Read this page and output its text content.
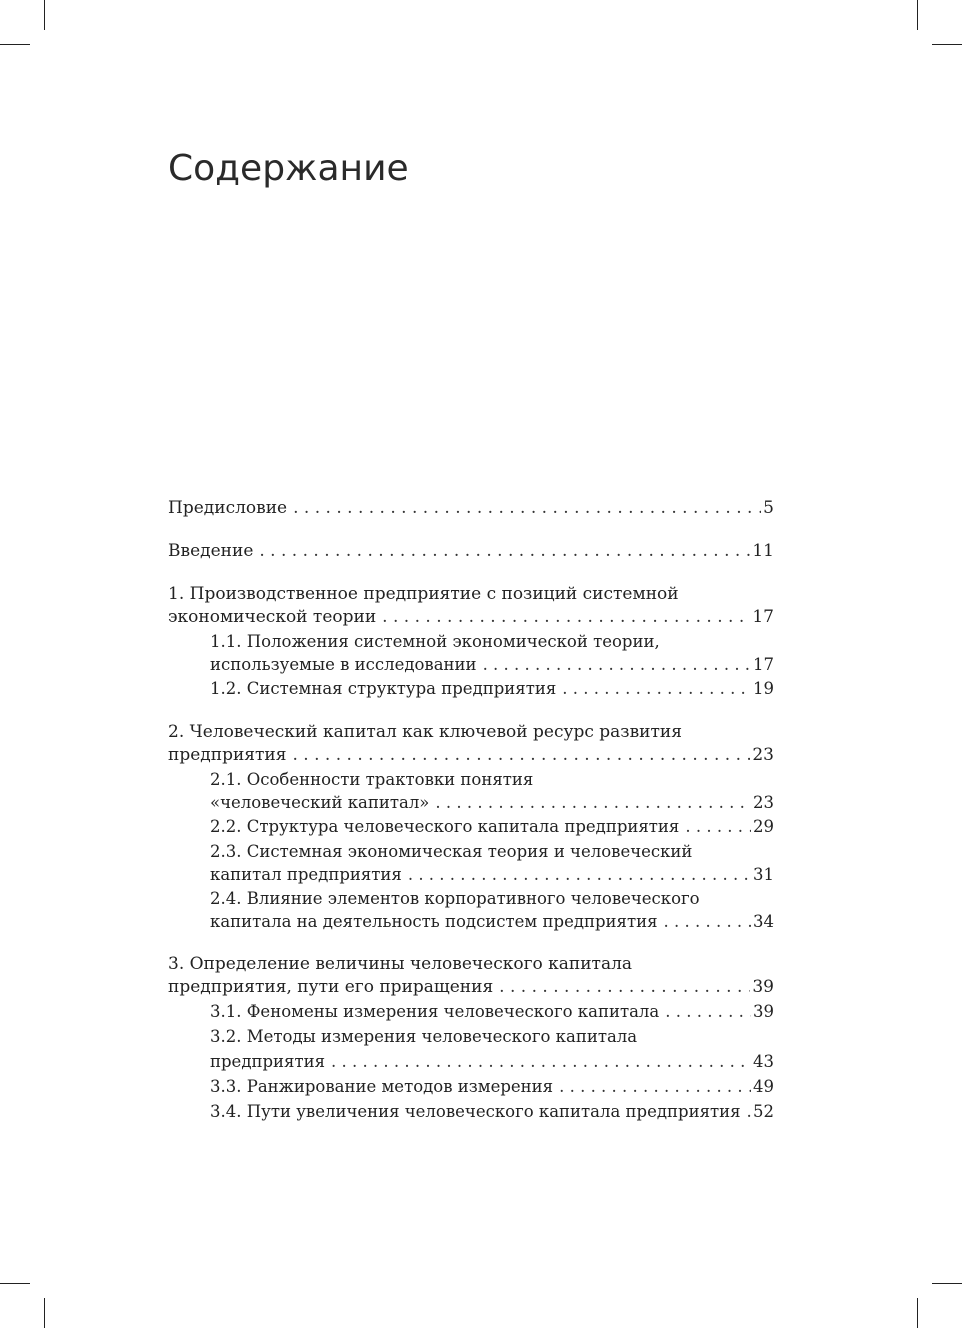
Содержание
Предисловие . . .	5
Введение . . .	11
1. Производственное предприятие с позиций системной
экономической теории . . .	17
1.1. Положения системной экономической теории,
используемые в исследовании . . .	17
1.2. Системная структура предприятия . . .	19
2. Человеческий капитал как ключевой ресурс развития
предприятия . . .	23
2.1. Особенности трактовки понятия
«человеческий капитал» . . .	23
2.2. Структура человеческого капитала предприятия . . .	29
2.3. Системная экономическая теория и человеческий
капитал предприятия . . .	31
2.4. Влияние элементов корпоративного человеческого
капитала на деятельность подсистем предприятия . . .	34
3. Определение величины человеческого капитала
предприятия, пути его приращения . . .	39
3.1. Феномены измерения человеческого капитала . . .	39
3.2. Методы измерения человеческого капитала
предприятия . . .	43
3.3. Ранжирование методов измерения . . .	49
3.4. Пути увеличения человеческого капитала предприятия . . . 52
